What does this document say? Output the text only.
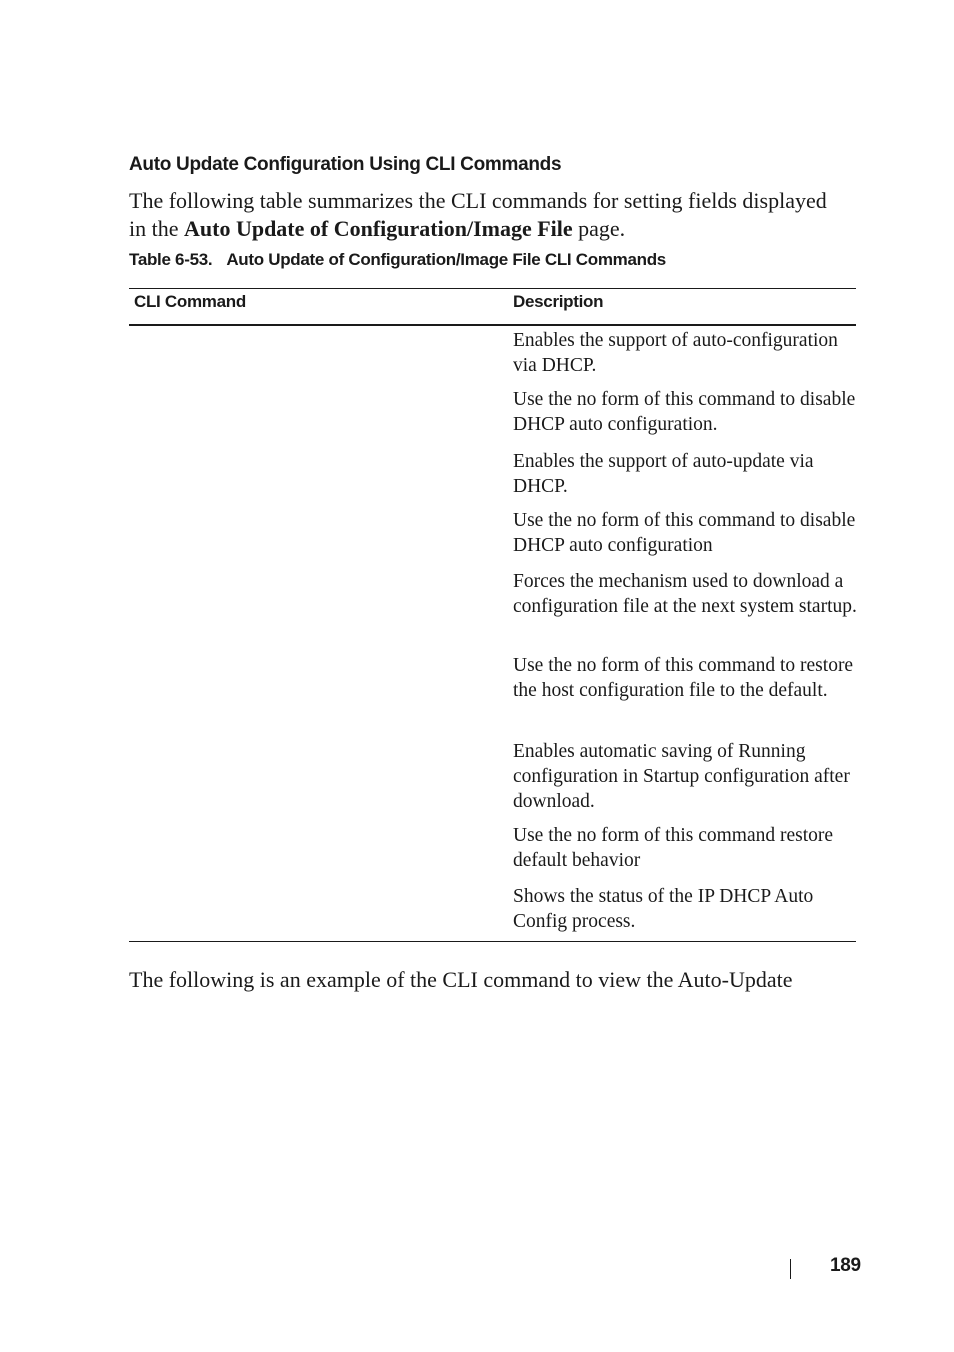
Auto Update Configuration Using CLI Commands

The following table summarizes the CLI commands for setting fields displayed in the Auto Update of Configuration/Image File page.

Table 6-53. Auto Update of Configuration/Image File CLI Commands
CLI Command	Description
Enables the support of auto-configuration via DHCP.
Use the no form of this command to disable DHCP auto configuration.
Enables the support of auto-update via DHCP.
Use the no form of this command to disable DHCP auto configuration
Forces the mechanism used to download a configuration file at the next system startup.
Use the no form of this command to restore the host configuration file to the default.
Enables automatic saving of Running configuration in Startup configuration after download.
Use the no form of this command restore default behavior
Shows the status of the IP DHCP Auto Config process.
The following is an example of the CLI command to view the Auto-Update
189
